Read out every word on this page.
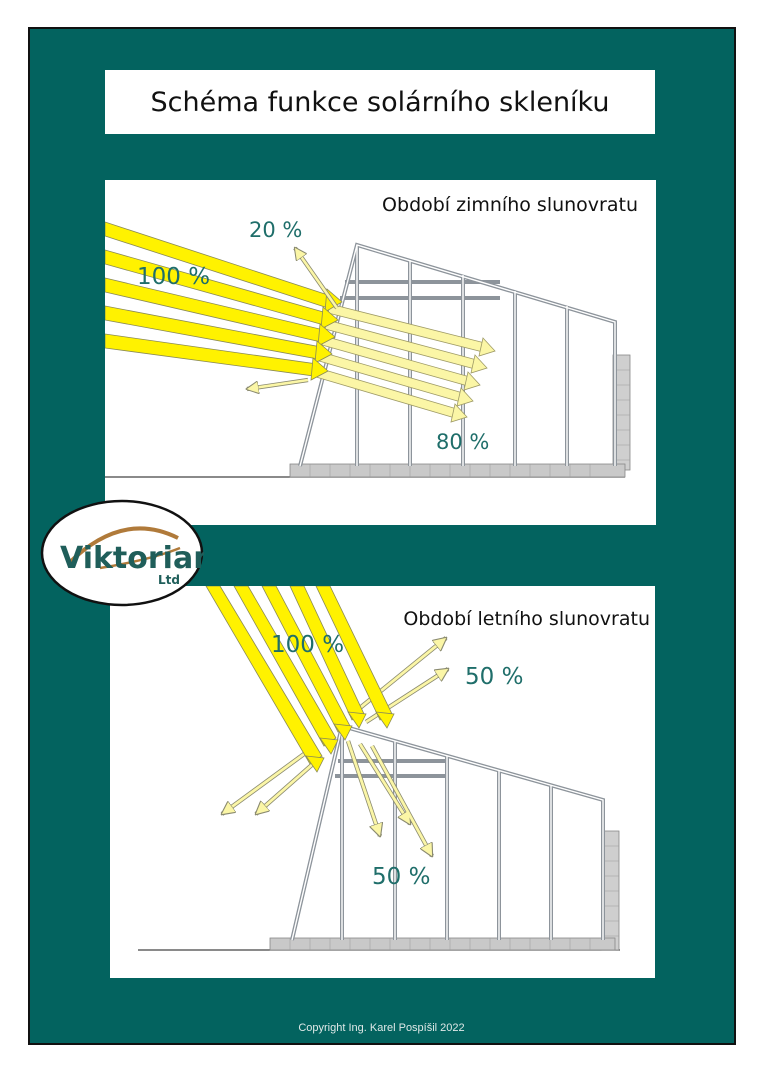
Schéma funkce solárního skleníku
Období zimního slunovratu
100 %
20 %
80 %
Období letního slunovratu
100 %
50 %
50 %
Viktorian
Ltd
Copyright Ing. Karel Pospíšil 2022
